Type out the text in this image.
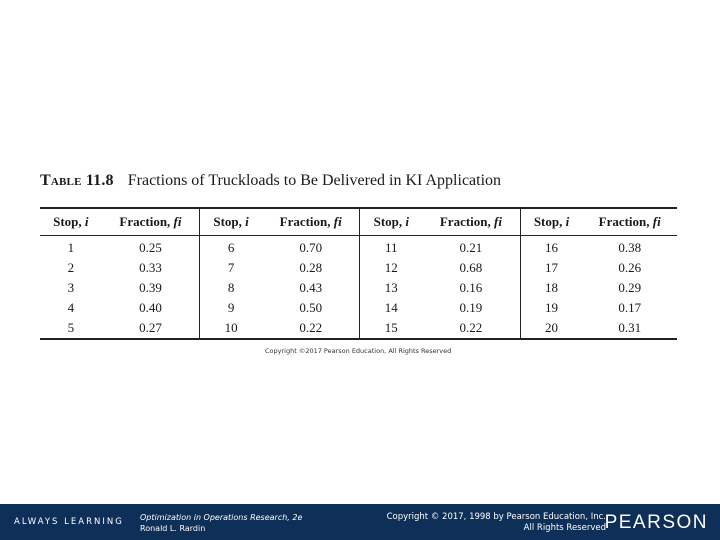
Table 11.8 Fractions of Truckloads to Be Delivered in KI Application
Stop, i	Fraction, fi	Stop, i	Fraction, fi	Stop, i	Fraction, fi	Stop, i	Fraction, fi
1	0.25	6	0.70	11	0.21	16	0.38
2	0.33	7	0.28	12	0.68	17	0.26
3	0.39	8	0.43	13	0.16	18	0.29
4	0.40	9	0.50	14	0.19	19	0.17
5	0.27	10	0.22	15	0.22	20	0.31
Copyright ©2017 Pearson Education, All Rights Reserved
ALWAYS LEARNING Optimization in Operations Research, 2e
Ronald L. Rardin
Copyright © 2017, 1998 by Pearson Education, Inc.
All Rights Reserved
PEARSON
